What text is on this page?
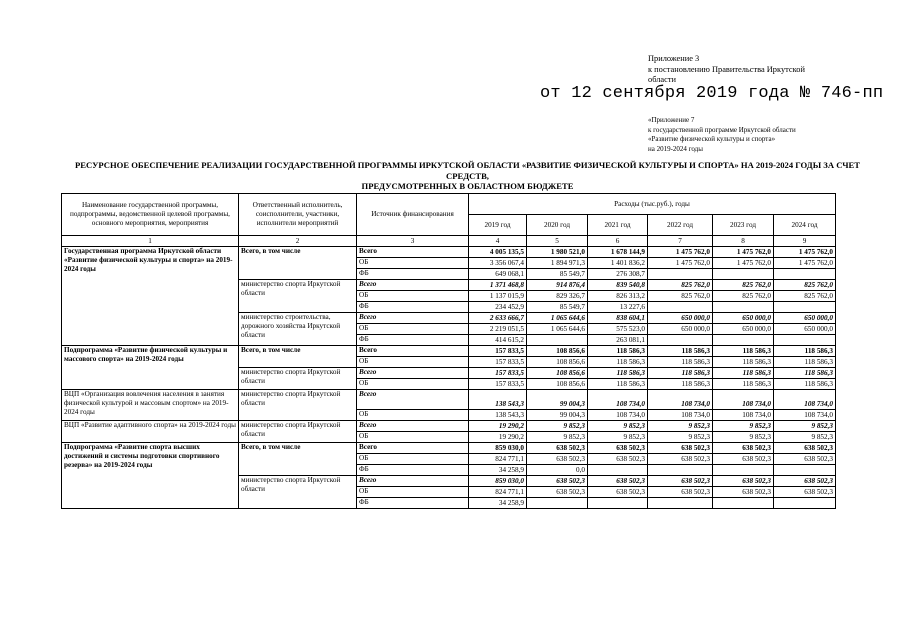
Приложение 3
к постановлению Правительства Иркутской
области
от 12 сентября 2019 года № 746-пп
«Приложение 7
к государственной программе Иркутской области
«Развитие физической культуры и спорта»
на 2019-2024 годы
РЕСУРСНОЕ ОБЕСПЕЧЕНИЕ РЕАЛИЗАЦИИ ГОСУДАРСТВЕННОЙ ПРОГРАММЫ ИРКУТСКОЙ ОБЛАСТИ «РАЗВИТИЕ ФИЗИЧЕСКОЙ КУЛЬТУРЫ И СПОРТА» НА 2019-2024 ГОДЫ ЗА СЧЕТ СРЕДСТВ,
ПРЕДУСМОТРЕННЫХ В ОБЛАСТНОМ БЮДЖЕТЕ
Наименование государственной программы, подпрограммы, ведомственной целевой программы, основного мероприятия, мероприятия	Ответственный исполнитель, соисполнители, участники, исполнители мероприятий	Источник финансирования	Расходы (тыс.руб.), годы					
			2019 год	2020 год	2021 год	2022 год	2023 год	2024 год
1	2	3	4	5	6	7	8	9
Государственная программа Иркутской области «Развитие физической культуры и спорта» на 2019-2024 годы	Всего, в том числе	Всего	4 005 135,5	1 980 521,0	1 678 144,9	1 475 762,0	1 475 762,0	1 475 762,0
		ОБ	3 356 067,4	1 894 971,3	1 401 836,2	1 475 762,0	1 475 762,0	1 475 762,0
		ФБ	649 068,1	85 549,7	276 308,7			
	министерство спорта Иркутской области	Всего	1 371 468,8	914 876,4	839 540,8	825 762,0	825 762,0	825 762,0
		ОБ	1 137 015,9	829 326,7	826 313,2	825 762,0	825 762,0	825 762,0
		ФБ	234 452,9	85 549,7	13 227,6			
	министерство строительства, дорожного хозяйства Иркутской области	Всего	2 633 666,7	1 065 644,6	838 604,1	650 000,0	650 000,0	650 000,0
		ОБ	2 219 051,5	1 065 644,6	575 523,0	650 000,0	650 000,0	650 000,0
		ФБ	414 615,2		263 081,1			
Подпрограмма «Развитие физической культуры и массового спорта» на 2019-2024 годы	Всего, в том числе	Всего	157 833,5	108 856,6	118 586,3	118 586,3	118 586,3	118 586,3
		ОБ	157 833,5	108 856,6	118 586,3	118 586,3	118 586,3	118 586,3
	министерство спорта Иркутской области	Всего	157 833,5	108 856,6	118 586,3	118 586,3	118 586,3	118 586,3
		ОБ	157 833,5	108 856,6	118 586,3	118 586,3	118 586,3	118 586,3
ВЦП «Организация вовлечения населения в занятия физической культурой и массовым спортом» на 2019-2024 годы	министерство спорта Иркутской области	Всего	138 543,3	99 004,3	108 734,0	108 734,0	108 734,0	108 734,0
		ОБ	138 543,3	99 004,3	108 734,0	108 734,0	108 734,0	108 734,0
ВЦП «Развитие адаптивного спорта» на 2019-2024 годы	министерство спорта Иркутской области	Всего	19 290,2	9 852,3	9 852,3	9 852,3	9 852,3	9 852,3
		ОБ	19 290,2	9 852,3	9 852,3	9 852,3	9 852,3	9 852,3
Подпрограмма «Развитие спорта высших достижений и системы подготовки спортивного резерва» на 2019-2024 годы	Всего, в том числе	Всего	859 030,0	638 502,3	638 502,3	638 502,3	638 502,3	638 502,3
		ОБ	824 771,1	638 502,3	638 502,3	638 502,3	638 502,3	638 502,3
		ФБ	34 258,9	0,0				
	министерство спорта Иркутской области	Всего	859 030,0	638 502,3	638 502,3	638 502,3	638 502,3	638 502,3
		ОБ	824 771,1	638 502,3	638 502,3	638 502,3	638 502,3	638 502,3
		ФБ	34 258,9					
